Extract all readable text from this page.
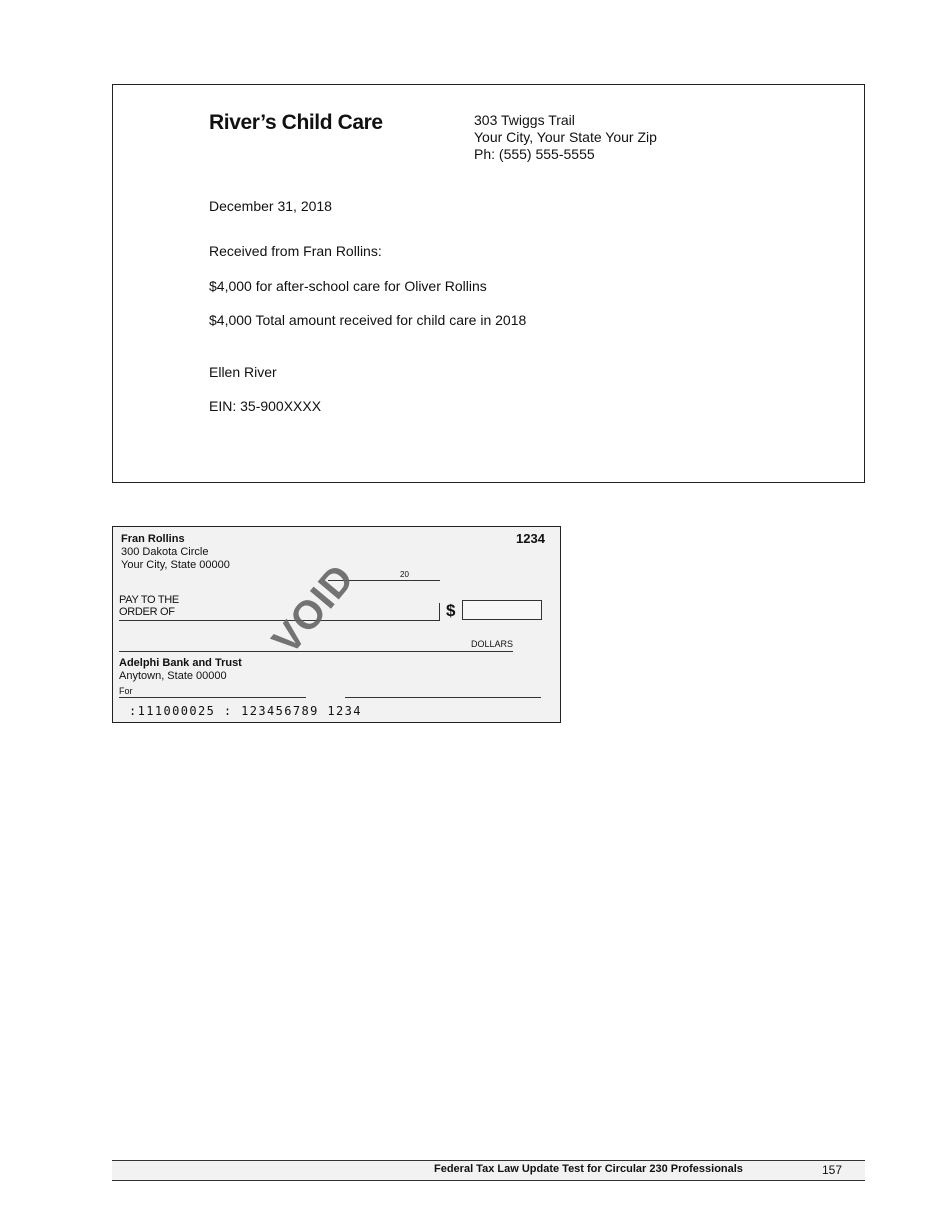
River’s Child Care	303 Twiggs Trail
Your City, Your State Your Zip
Ph: (555) 555-5555
December 31, 2018
Received from Fran Rollins:
$4,000 for after-school care for Oliver Rollins
$4,000 Total amount received for child care in 2018
Ellen River
EIN: 35-900XXXX
Fran Rollins
300 Dakota Circle
Your City, State 00000
1234
20
PAY TO THE
ORDER OF	$
DOLLARS
Adelphi Bank and Trust
Anytown, State 00000
For
:111000025 : 123456789 1234
VOID
Federal Tax Law Update Test for Circular 230 Professionals	157
